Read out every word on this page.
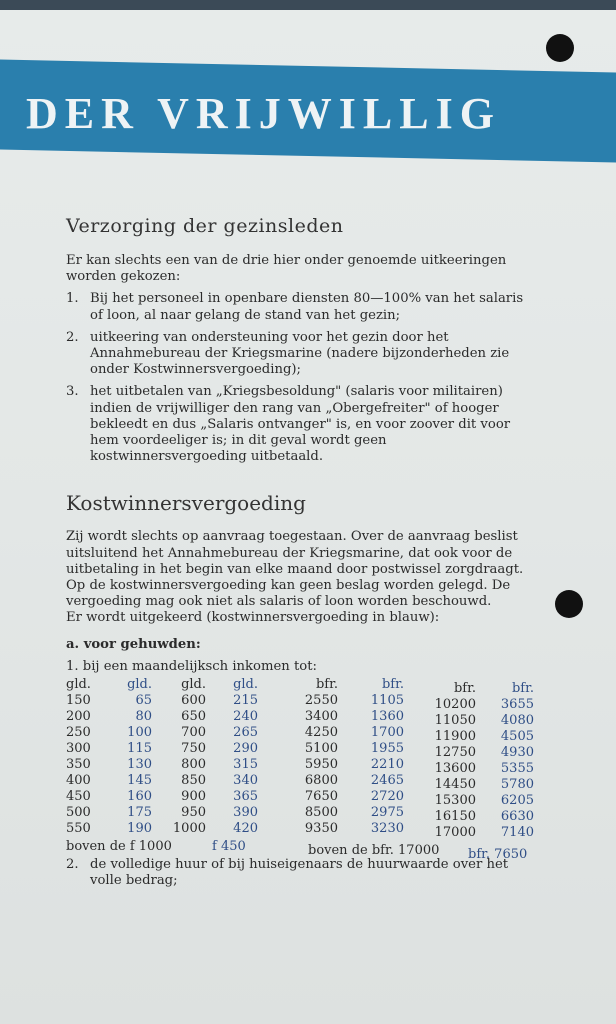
DER VRIJWILLIG
Verzorging der gezinsleden

Er kan slechts een van de drie hier onder genoemde uitkeeringen worden gekozen:

1. Bij het personeel in openbare diensten 80—100% van het salaris of loon, al naar gelang de stand van het gezin;
2. uitkeering van ondersteuning voor het gezin door het Annahmebureau der Kriegsmarine (nadere bijzonderheden zie onder Kostwinnersvergoeding);
3. het uitbetalen van „Kriegsbesoldung" (salaris voor militairen) indien de vrijwilliger den rang van „Obergefreiter" of hooger bekleedt en dus „Salaris ontvanger" is, en voor zoover dit voor hem voordeeliger is; in dit geval wordt geen kostwinnersvergoeding uitbetaald.
Kostwinnersvergoeding

Zij wordt slechts op aanvraag toegestaan. Over de aanvraag beslist uitsluitend het Annahmebureau der Kriegsmarine, dat ook voor de uitbetaling in het begin van elke maand door postwissel zorgdraagt.

Op de kostwinnersvergoeding kan geen beslag worden gelegd. De vergoeding mag ook niet als salaris of loon worden beschouwd.

Er wordt uitgekeerd (kostwinnersvergoeding in blauw):

a. voor gehuwden:

1. bij een maandelijksch inkomen tot:

gld.
150
200
250
300
350
400
450
500
550
gld.
65
80
100
115
130
145
160
175
190
gld.
600
650
700
750
800
850
900
950
1000
gld.
215
240
265
290
315
340
365
390
420
bfr.
2550
3400
4250
5100
5950
6800
7650
8500
9350
bfr.
1105
1360
1700
1955
2210
2465
2720
2975
3230
bfr.
10200
11050
11900
12750
13600
14450
15300
16150
17000
bfr.
3655
4080
4505
4930
5355
5780
6205
6630
7140
boven de f 1000	f 450	boven de bfr. 17000 bfr. 7650
2. de volledige huur of bij huiseigenaars de huurwaarde over het volle bedrag;
